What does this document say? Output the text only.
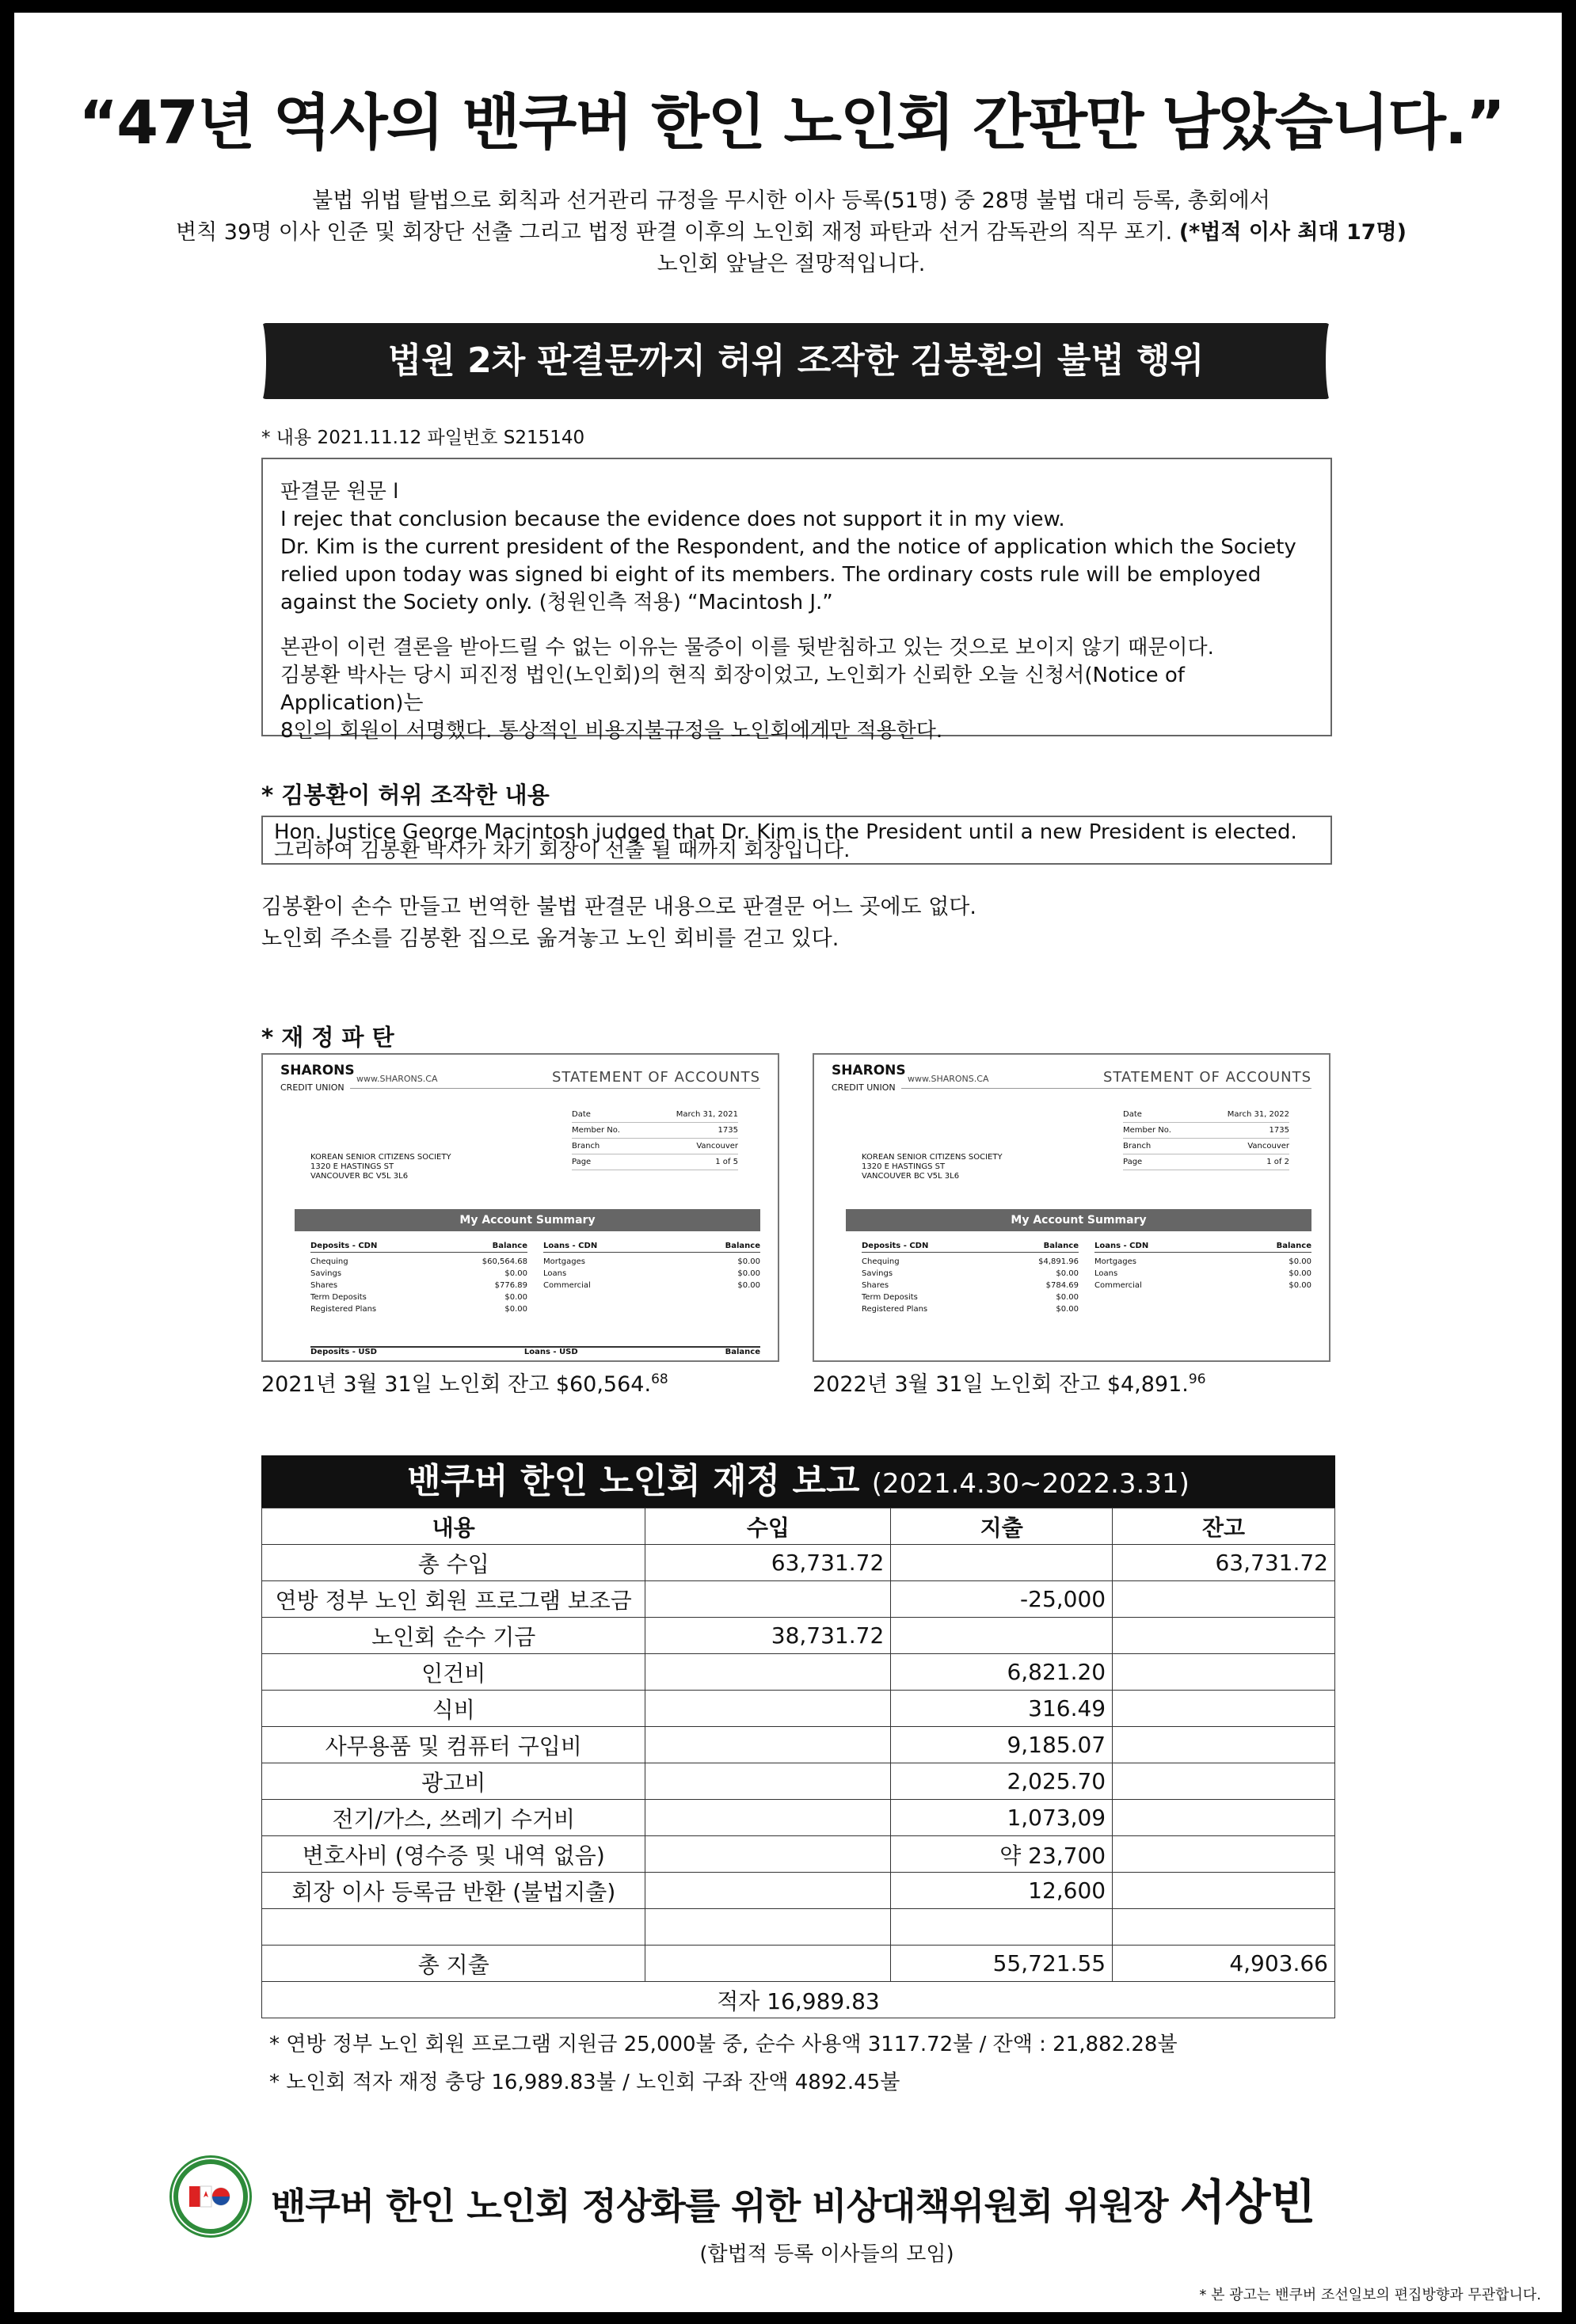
“47년 역사의 밴쿠버 한인 노인회 간판만 남았습니다.”
불법 위법 탈법으로 회칙과 선거관리 규정을 무시한 이사 등록(51명) 중 28명 불법 대리 등록, 총회에서
변칙 39명 이사 인준 및 회장단 선출 그리고 법정 판결 이후의 노인회 재정 파탄과 선거 감독관의 직무 포기. (*법적 이사 최대 17명)
노인회 앞날은 절망적입니다.
법원 2차 판결문까지 허위 조작한 김봉환의 불법 행위
* 내용 2021.11.12 파일번호 S215140

판결문 원문 l

I rejec that conclusion because the evidence does not support it in my view.

Dr. Kim is the current president of the Respondent, and the notice of application which the Society

relied upon today was signed bi eight of its members. The ordinary costs rule will be employed

against the Society only. (청원인측 적용) “Macintosh J.”

본관이 이런 결론을 받아드릴 수 없는 이유는 물증이 이를 뒷받침하고 있는 것으로 보이지 않기 때문이다.

김봉환 박사는 당시 피진정 법인(노인회)의 현직 회장이었고, 노인회가 신뢰한 오늘 신청서(Notice of Application)는

8인의 회원이 서명했다. 통상적인 비용지불규정을 노인회에게만 적용한다.

* 김봉환이 허위 조작한 내용
Hon. Justice George Macintosh judged that Dr. Kim is the President until a new President is elected.
그리하여 김봉환 박사가 차기 회장이 선출 될 때까지 회장입니다.
김봉환이 손수 만들고 번역한 불법 판결문 내용으로 판결문 어느 곳에도 없다.
노인회 주소를 김봉환 집으로 옮겨놓고 노인 회비를 걷고 있다.
* 재 정 파 탄
SHARONS
CREDIT UNION
www.SHARONS.CA	STATEMENT OF ACCOUNTS
Date	March 31, 2021
Member No.	1735
Branch	Vancouver
Page	1 of 5
KOREAN SENIOR CITIZENS SOCIETY
1320 E HASTINGS ST
VANCOUVER BC V5L 3L6
My Account Summary
Deposits - CDN	Balance
Chequing	$60,564.68
Savings	$0.00
Shares	$776.89
Term Deposits	$0.00
Registered Plans	$0.00
Loans - CDN	Balance
Mortgages	$0.00
Loans	$0.00
Commercial	$0.00
Deposits - USD	Loans - USD	Balance
2021년 3월 31일 노인회 잔고 $60,564.68
SHARONS
CREDIT UNION
www.SHARONS.CA	STATEMENT OF ACCOUNTS
Date	March 31, 2022
Member No.	1735
Branch	Vancouver
Page	1 of 2
KOREAN SENIOR CITIZENS SOCIETY
1320 E HASTINGS ST
VANCOUVER BC V5L 3L6
My Account Summary
Deposits - CDN	Balance
Chequing	$4,891.96
Savings	$0.00
Shares	$784.69
Term Deposits	$0.00
Registered Plans	$0.00
Loans - CDN	Balance
Mortgages	$0.00
Loans	$0.00
Commercial	$0.00
2022년 3월 31일 노인회 잔고 $4,891.96
밴쿠버 한인 노인회 재정 보고 (2021.4.30~2022.3.31)
내용	수입	지출	잔고
총 수입	63,731.72		63,731.72
연방 정부 노인 회원 프로그램 보조금		-25,000	
노인회 순수 기금	38,731.72		
인건비		6,821.20	
식비		316.49	
사무용품 및 컴퓨터 구입비		9,185.07	
광고비		2,025.70	
전기/가스, 쓰레기 수거비		1,073,09	
변호사비 (영수증 및 내역 없음)		약 23,700	
회장 이사 등록금 반환 (불법지출)		12,600	

총 지출		55,721.55	4,903.66
적자 16,989.83			
* 연방 정부 노인 회원 프로그램 지원금 25,000불 중, 순수 사용액 3117.72불 / 잔액 : 21,882.28불
* 노인회 적자 재정 충당 16,989.83불 / 노인회 구좌 잔액 4892.45불
밴쿠버 한인 노인회 정상화를 위한 비상대책위원회 위원장 서상빈
(합법적 등록 이사들의 모임)
* 본 광고는 밴쿠버 조선일보의 편집방향과 무관합니다.
